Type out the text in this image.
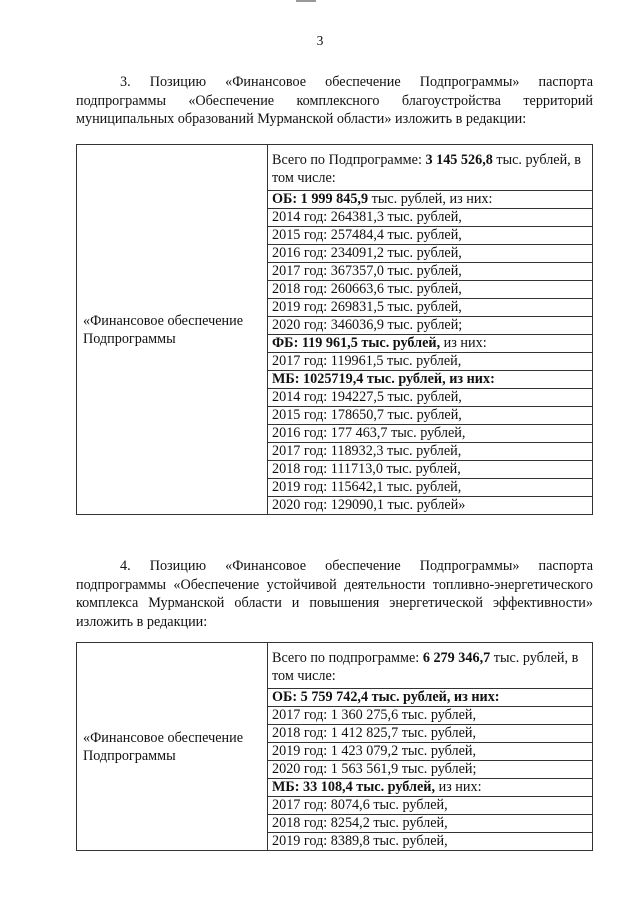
3
3. Позицию «Финансовое обеспечение Подпрограммы» паспорта подпрограммы «Обеспечение комплексного благоустройства территорий муниципальных образований Мурманской области» изложить в редакции:
«Финансовое обеспечение Подпрограммы	Всего по Подпрограмме: 3 145 526,8 тыс. рублей, в том числе:
ОБ: 1 999 845,9 тыс. рублей, из них:
2014 год: 264381,3 тыс. рублей,
2015 год: 257484,4 тыс. рублей,
2016 год: 234091,2 тыс. рублей,
2017 год: 367357,0 тыс. рублей,
2018 год: 260663,6 тыс. рублей,
2019 год: 269831,5 тыс. рублей,
2020 год: 346036,9 тыс. рублей;
ФБ: 119 961,5 тыс. рублей, из них:
2017 год: 119961,5 тыс. рублей,
МБ: 1025719,4 тыс. рублей, из них:
2014 год: 194227,5 тыс. рублей,
2015 год: 178650,7 тыс. рублей,
2016 год: 177 463,7 тыс. рублей,
2017 год: 118932,3 тыс. рублей,
2018 год: 111713,0 тыс. рублей,
2019 год: 115642,1 тыс. рублей,
2020 год: 129090,1 тыс. рублей»
4. Позицию «Финансовое обеспечение Подпрограммы» паспорта подпрограммы «Обеспечение устойчивой деятельности топливно-энергетического комплекса Мурманской области и повышения энергетической эффективности» изложить в редакции:
«Финансовое обеспечение Подпрограммы	Всего по подпрограмме: 6 279 346,7 тыс. рублей, в том числе:
ОБ: 5 759 742,4 тыс. рублей, из них:
2017 год: 1 360 275,6 тыс. рублей,
2018 год: 1 412 825,7 тыс. рублей,
2019 год: 1 423 079,2 тыс. рублей,
2020 год: 1 563 561,9 тыс. рублей;
МБ: 33 108,4 тыс. рублей, из них:
2017 год: 8074,6 тыс. рублей,
2018 год: 8254,2 тыс. рублей,
2019 год: 8389,8 тыс. рублей,
